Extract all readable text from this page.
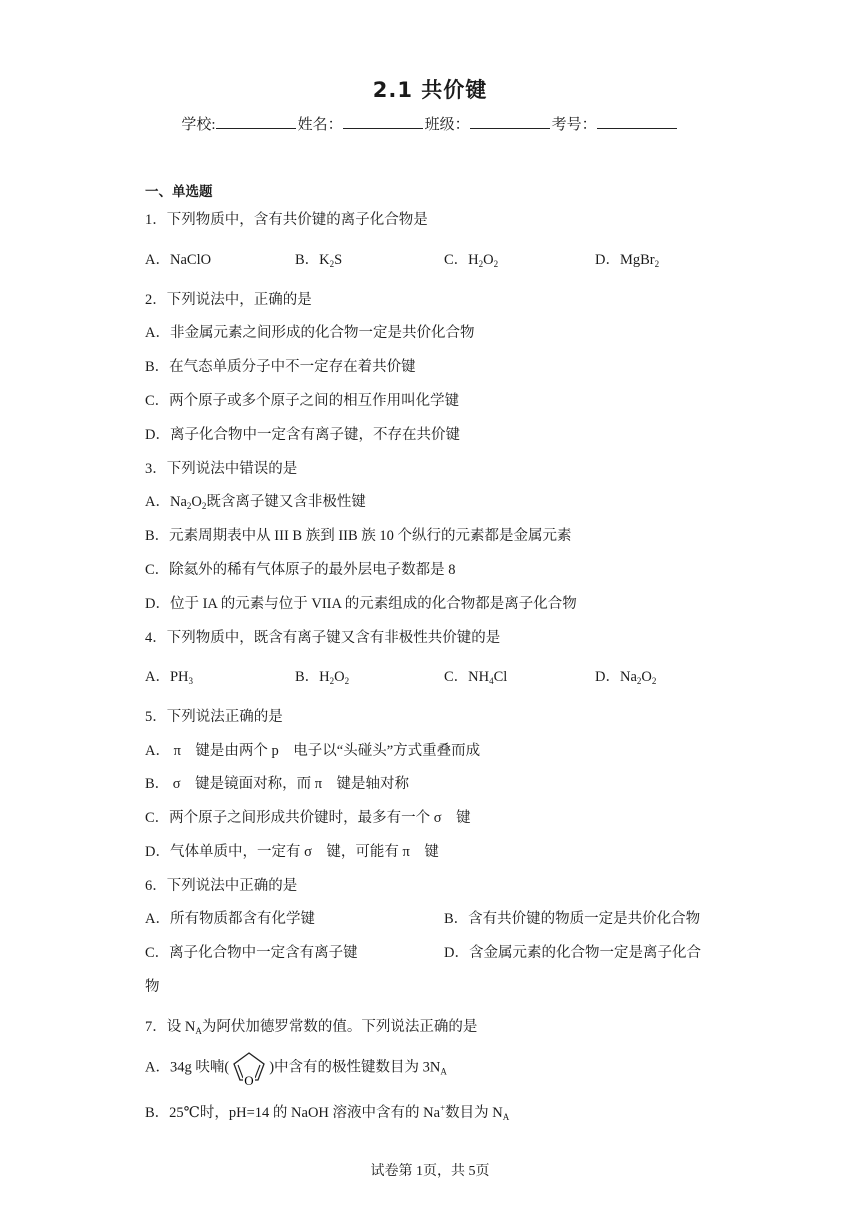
2.1 共价键
学校:	姓名：	班级：	考号：
一、单选题
1．下列物质中，含有共价键的离子化合物是
A．NaClO	B．$K_2S$	C．$H_2O_2$	D．MgBr$_2$
2．下列说法中，正确的是
A．非金属元素之间形成的化合物一定是共价化合物
B．在气态单质分子中不一定存在着共价键
C．两个原子或多个原子之间的相互作用叫化学键
D．离子化合物中一定含有离子键，不存在共价键
3．下列说法中错误的是
A．$Na_2O_2$既含离子键又含非极性键
B．元素周期表中从 III B 族到 IIB 族 10 个纵行的元素都是金属元素
C．除氦外的稀有气体原子的最外层电子数都是 8
D．位于 IA 的元素与位于 VIIA 的元素组成的化合物都是离子化合物
4．下列物质中，既含有离子键又含有非极性共价键的是
A．$PH_3$	B．$H_2O_2$	C．$NH_4Cl$	D．$Na_2O_2$
5．下列说法正确的是
A． π　键是由两个 p　电子以“头碰头”方式重叠而成
B． σ　键是镜面对称，而 π　键是轴对称
C．两个原子之间形成共价键时，最多有一个 σ　键
D．气体单质中，一定有 σ　键，可能有 π　键
6．下列说法中正确的是
A．所有物质都含有化学键	B．含有共价键的物质一定是共价化合物
C．离子化合物中一定含有离子键	D．含金属元素的化合物一定是离子化合
物
7．设 $N_A$为阿伏加德罗常数的值。下列说法正确的是
A．34g 呋喃(
O
)中含有的极性键数目为 $3N_A$
B．25℃时，pH=14 的 NaOH 溶液中含有的 Na+数目为 $N_A$
试卷第 1页，共 5页
